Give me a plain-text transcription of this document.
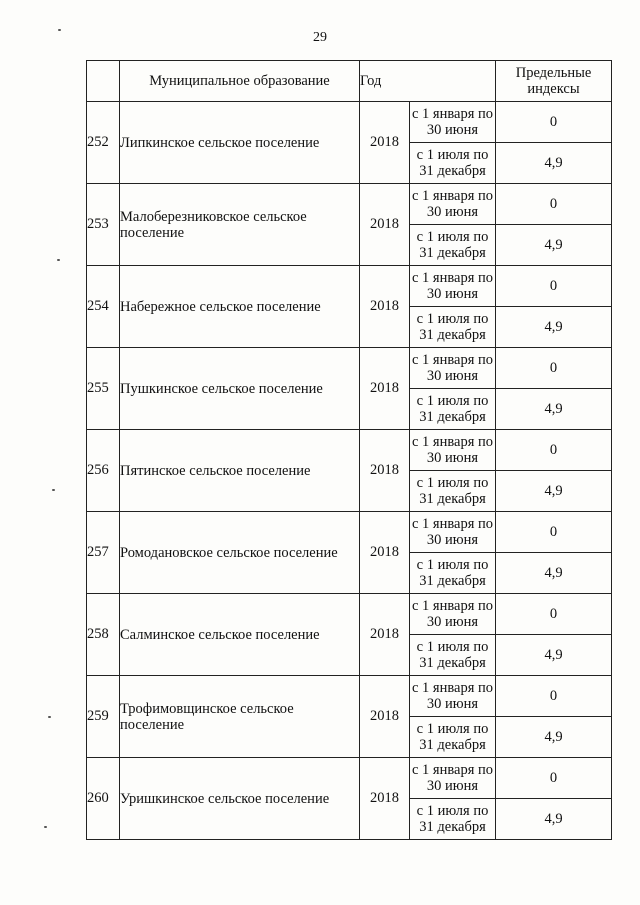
29
	Муниципальное образование	Год		Предельные индексы
252	Липкинское сельское поселение	2018	с 1 января по 30 июня	0
			с 1 июля по 31 декабря	4,9
253	Малоберезниковское сельское поселение	2018	с 1 января по 30 июня	0
			с 1 июля по 31 декабря	4,9
254	Набережное сельское поселение	2018	с 1 января по 30 июня	0
			с 1 июля по 31 декабря	4,9
255	Пушкинское сельское поселение	2018	с 1 января по 30 июня	0
			с 1 июля по 31 декабря	4,9
256	Пятинское сельское поселение	2018	с 1 января по 30 июня	0
			с 1 июля по 31 декабря	4,9
257	Ромодановское сельское поселение	2018	с 1 января по 30 июня	0
			с 1 июля по 31 декабря	4,9
258	Салминское сельское поселение	2018	с 1 января по 30 июня	0
			с 1 июля по 31 декабря	4,9
259	Трофимовщинское сельское поселение	2018	с 1 января по 30 июня	0
			с 1 июля по 31 декабря	4,9
260	Уришкинское сельское поселение	2018	с 1 января по 30 июня	0
			с 1 июля по 31 декабря	4,9
